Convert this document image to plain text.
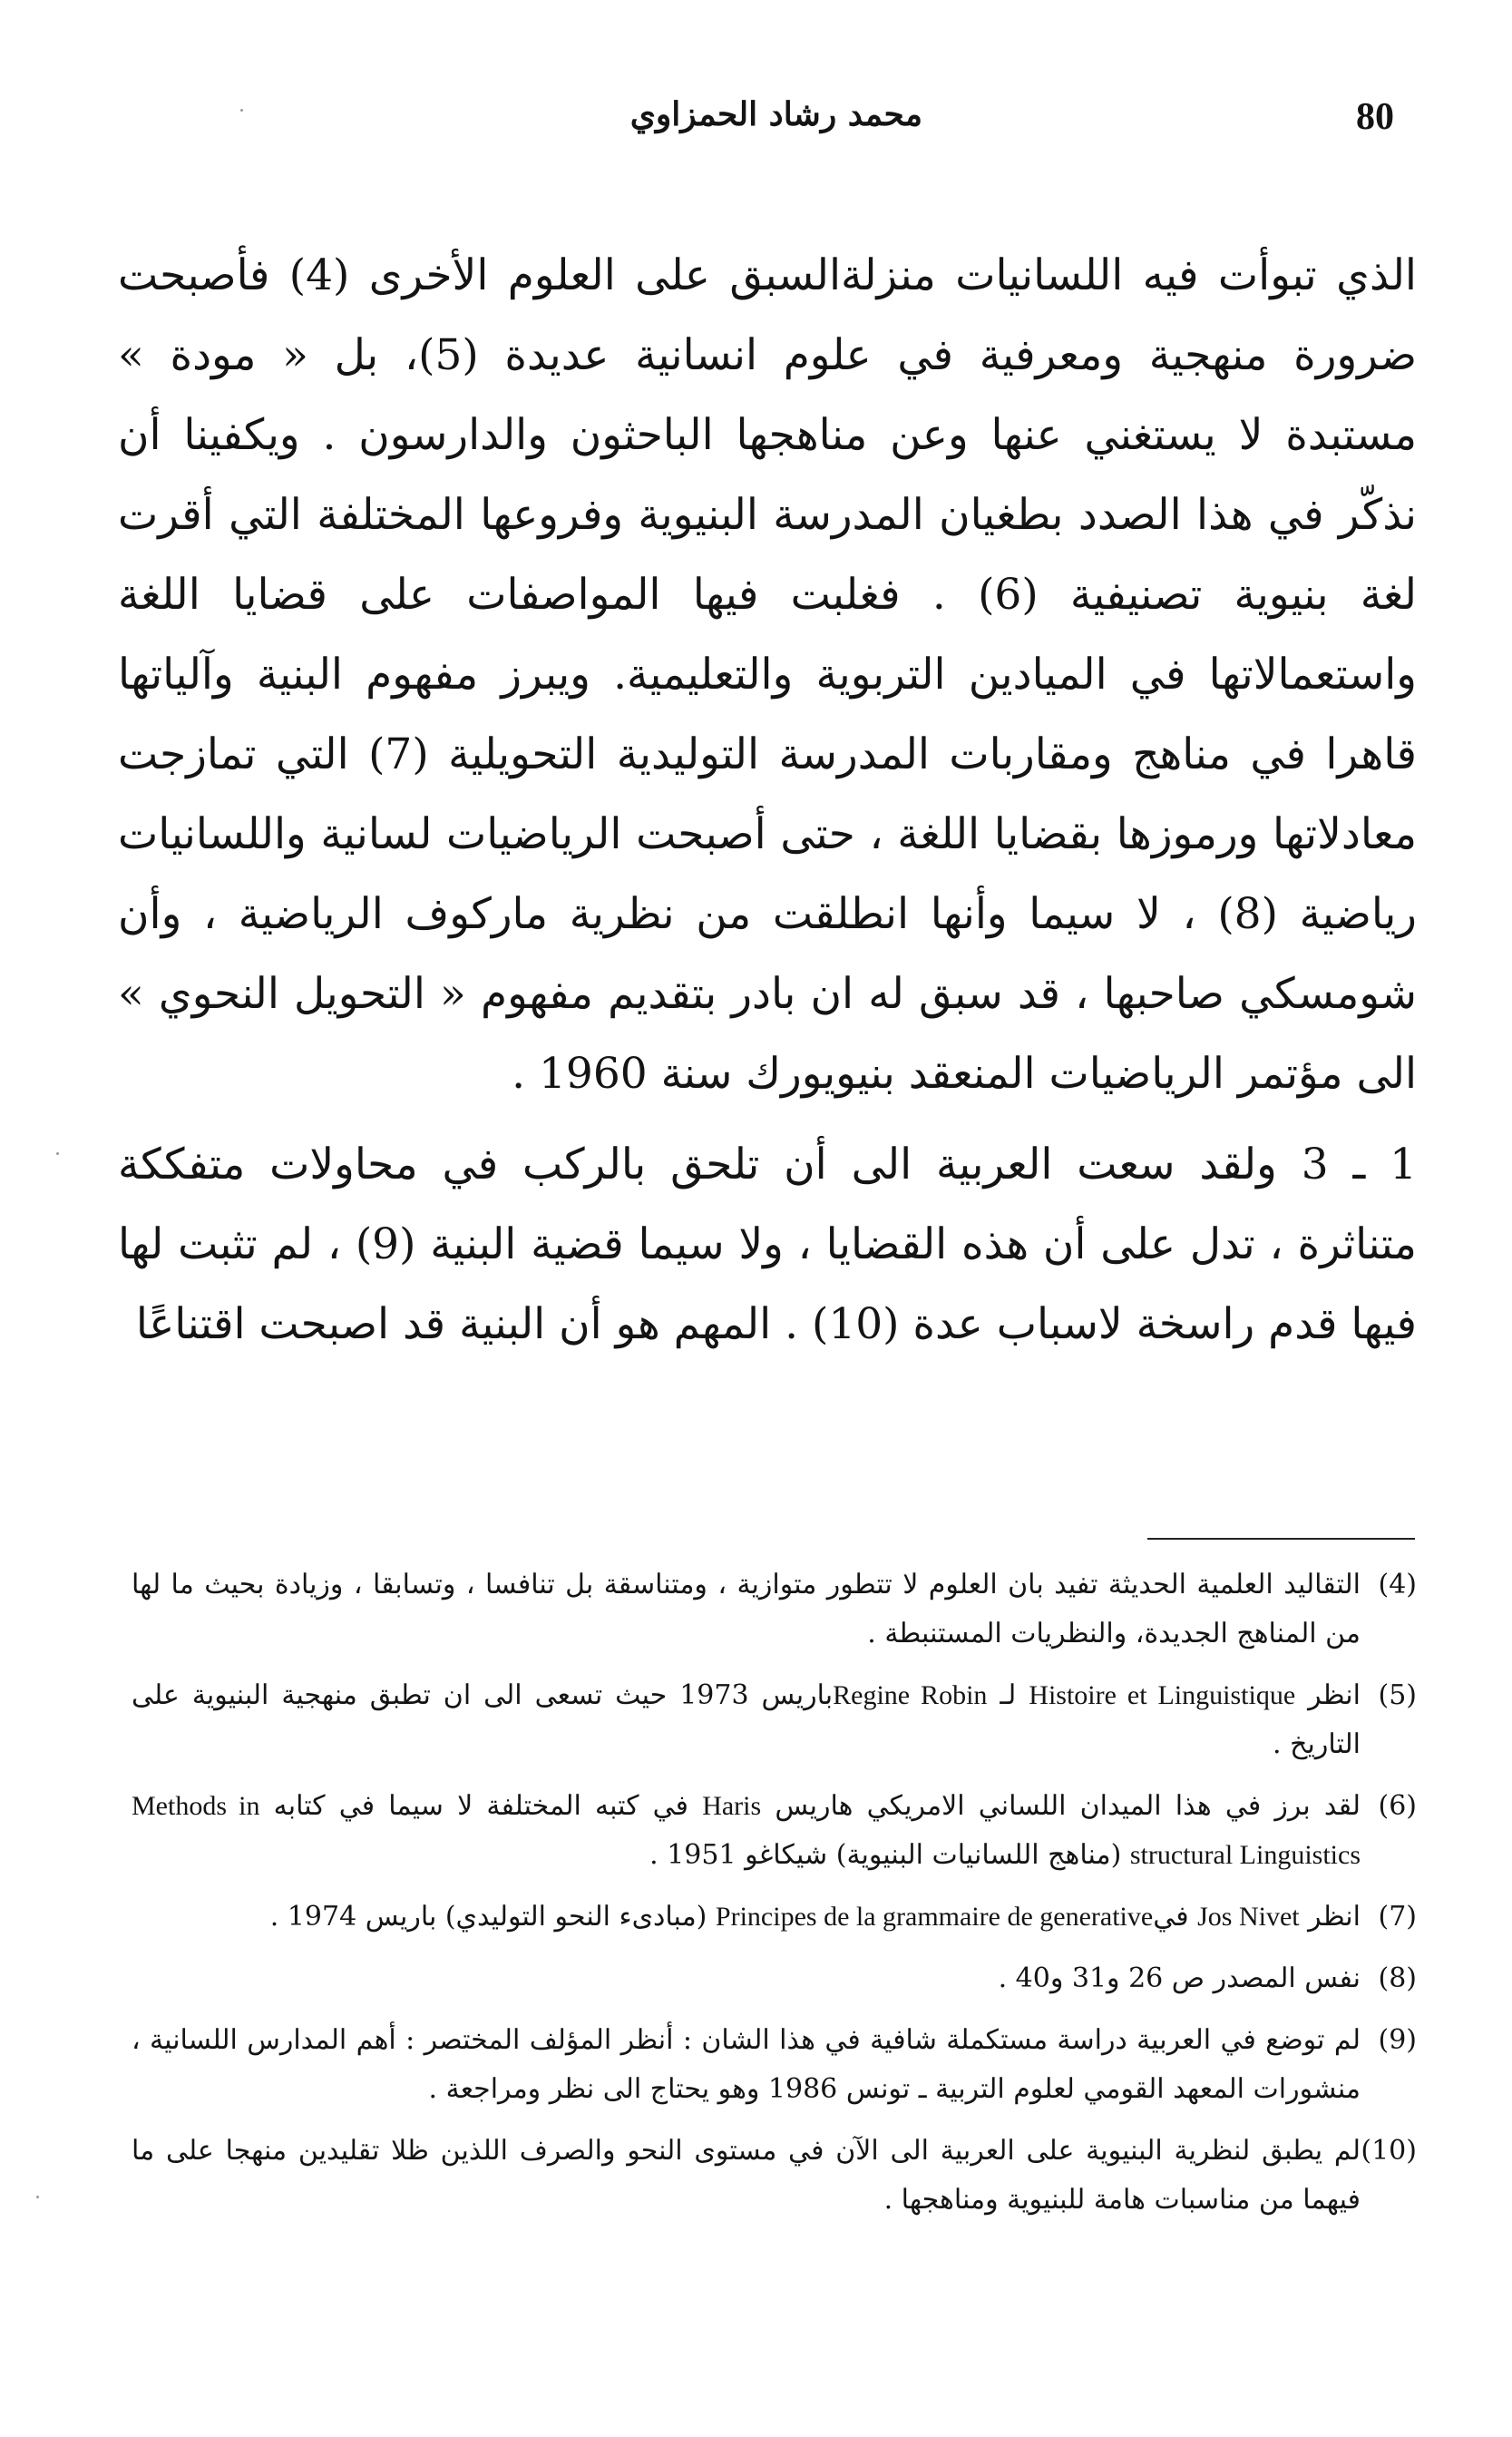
80
محمد رشاد الحمزاوي

الذي تبوأت فيه اللسانيات منزلةالسبق على العلوم الأخرى (4) فأصبحت ضرورة منهجية ومعرفية في علوم انسانية عديدة (5)، بل « مودة » مستبدة لا يستغني عنها وعن مناهجها الباحثون والدارسون . ويكفينا أن نذكّر في هذا الصدد بطغيان المدرسة البنيوية وفروعها المختلفة التي أقرت لغة بنيوية تصنيفية (6) . فغلبت فيها المواصفات على قضايا اللغة واستعمالاتها في الميادين التربوية والتعليمية. ويبرز مفهوم البنية وآلياتها قاهرا في مناهج ومقاربات المدرسة التوليدية التحويلية (7) التي تمازجت معادلاتها ورموزها بقضايا اللغة ، حتى أصبحت الرياضيات لسانية واللسانيات رياضية (8) ، لا سيما وأنها انطلقت من نظرية ماركوف الرياضية ، وأن شومسكي صاحبها ، قد سبق له ان بادر بتقديم مفهوم « التحويل النحوي » الى مؤتمر الرياضيات المنعقد بنيويورك سنة 1960 .

1 ـ 3 ولقد سعت العربية الى أن تلحق بالركب في محاولات متفككة متناثرة ، تدل على أن هذه القضايا ، ولا سيما قضية البنية (9) ، لم تثبت لها فيها قدم راسخة لاسباب عدة (10) . المهم هو أن البنية قد اصبحت اقتناعًا

(4)
التقاليد العلمية الحديثة تفيد بان العلوم لا تتطور متوازية ، ومتناسقة بل تنافسا ، وتسابقا ، وزيادة بحيث ما لها من المناهج الجديدة، والنظريات المستنبطة .
(5)
انظر Histoire et Linguistique لـ Regine Robinباريس 1973 حيث تسعى الى ان تطبق منهجية البنيوية على التاريخ .
(6)
لقد برز في هذا الميدان اللساني الامريكي هاريس Haris في كتبه المختلفة لا سيما في كتابه Methods in structural Linguistics (مناهج اللسانيات البنيوية) شيكاغو 1951 .
(7)
انظر Jos Nivet فيPrincipes de la grammaire de generative (مبادىء النحو التوليدي) باريس 1974 .
(8)
نفس المصدر ص 26 و31 و40 .
(9)
لم توضع في العربية دراسة مستكملة شافية في هذا الشان : أنظر المؤلف المختصر : أهم المدارس اللسانية ، منشورات المعهد القومي لعلوم التربية ـ تونس 1986 وهو يحتاج الى نظر ومراجعة .
(10)
لم يطبق لنظرية البنيوية على العربية الى الآن في مستوى النحو والصرف اللذين ظلا تقليدين منهجا على ما فيهما من مناسبات هامة للبنيوية ومناهجها .
